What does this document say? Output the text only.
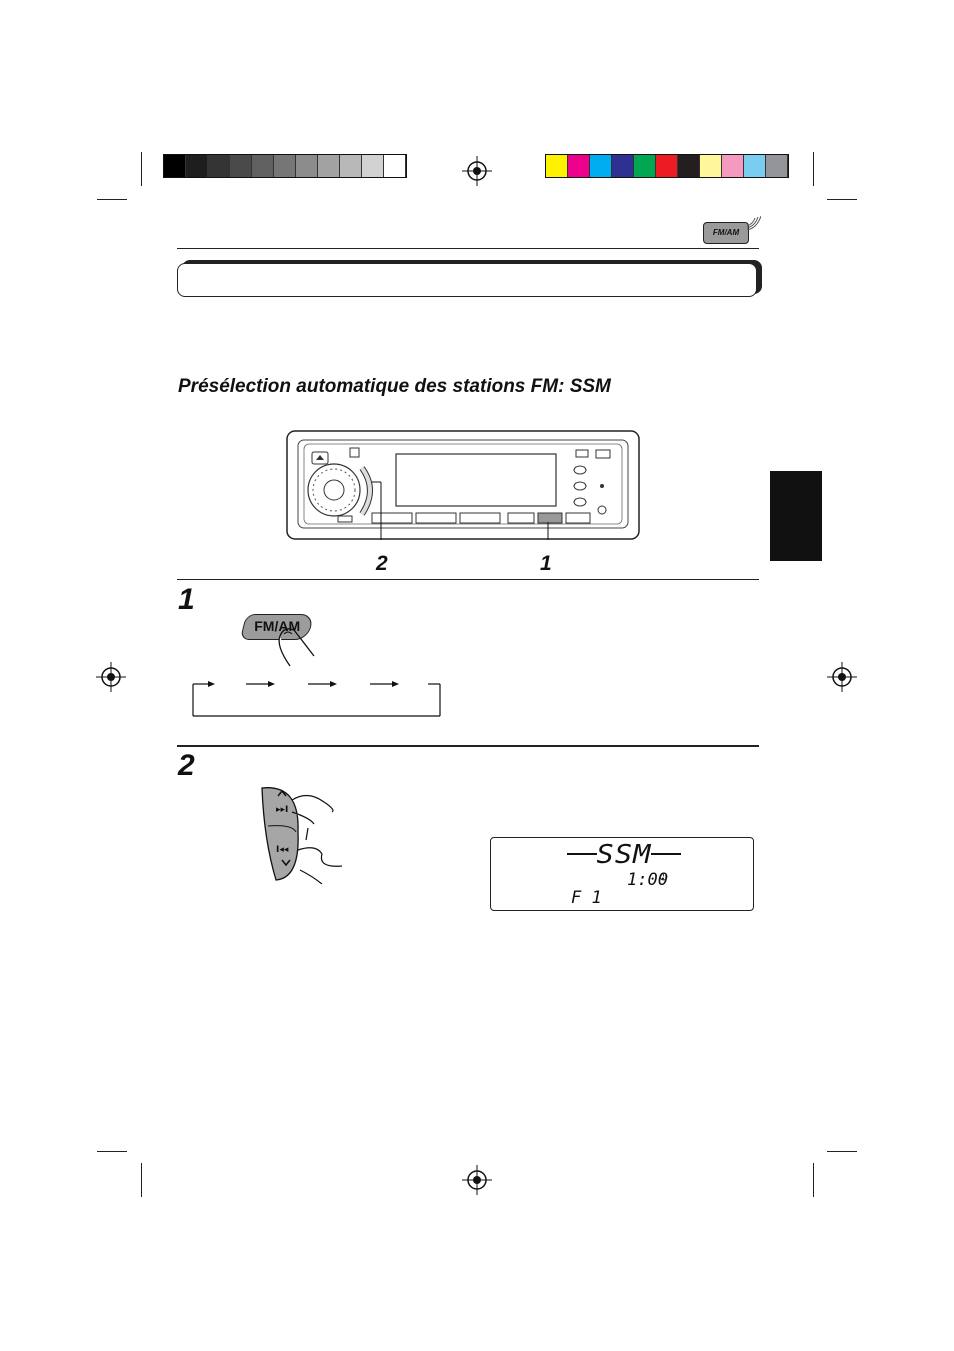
FM/AM
Présélection automatique des stations FM: SSM
2	1
1
FM/AM
2
▸▸I
I◂◂	SSM
1:00
F 1
